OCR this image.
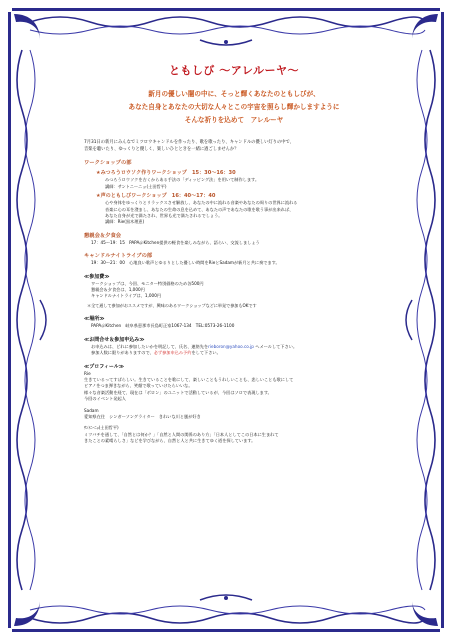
ともしび 〜アレルーヤ〜
新月の優しい闇の中に、そっと輝くあなたのともしびが、
あなた自身とあなたの大切な人々とこの宇宙を照らし輝かしますように
そんな祈りを込めて　アレルーヤ
7月31日の新月にみんなでミツロウキャンドルを作ったり、歌を歌ったり、キャンドルの優しい灯りの中で、
音楽を聴いたり、ゆっくりと優しく、楽しいひとときを一緒に過ごしませんか？
ワークショップの部
★みつろうロウソク作りワークショップ　15：30〜16：30
みつろうロウソクを古くからある手法の「ディッピング法」を用いて制作します。
講師：サントニーニョ(土田哲平)
★声のともしびワークショップ　16：40〜17：40
心や身体をゆっくりとリラックスさせ解放し、あなたの中に流れる音楽やあなたの周りの世界に流れる
音楽に心の耳を澄まし、あなたの生命の息を込めて、あなたの声であなたの歌を歌う事が出来れば、
あなた自身が光で満たされ、世界も光で満たされるでしょう。
講師：Rie(黒木理恵)
懇親会＆夕食会
17：45〜19：15　PAPA＠Kitchen提供の軽食を楽しみながら、語らい、交流しましょう
キャンドルナイトライブの部
19：30〜21：00　心地良い歌声とゆるりとした優しい時間をRieとSadamが新月と共に奏でます。
≪参加費≫
ワークショップは、今回、モニター特別価格のため各500円
懇親会＆夕食会は、1,000円
キャンドルナイトライブは、1,000円
＊全て通して参加がおススメですが、興味のあるワークショップなどに単発で参加もOKです
≪場所≫
PAPA＠Kitchen　岐阜県恵那市長島町正家1067-134　TEL:0573-26-1100
≪お問合せ＆参加申込み≫
お申込みは、どれに参加したいかを明記して、氏名、連絡先をrieboron@yahoo.co.jp へメールして下さい。
参加人数に限りがありますので、必ず参加申込み予約をして下さい。
≪プロフィール≫
Rie
生きているってすばらしい。生きていることを歌にして、楽しいこともうれしいことも、悲しいことも歌にして
ピアノをつま弾きながら、笑顔で歌っていけたらいいな。
様々な音楽活動を経て、現在は「ボロン」のユニットで活動しているが、今回はソロで表現します。
今回のイベント発起人
Sadam
愛知県在住　シンガーソングライター　きれいな川と風が好き
ｻﾝﾄﾆｰﾆｮ(土田哲平)
ミツバチを通して、「自然とは何か？」「自然と人間の関係のあり方」「日本人としてこの日本に生まれて
きたことの素晴らしさ」などを学びながら、自然と人と共に生きてゆく道を探しています。
